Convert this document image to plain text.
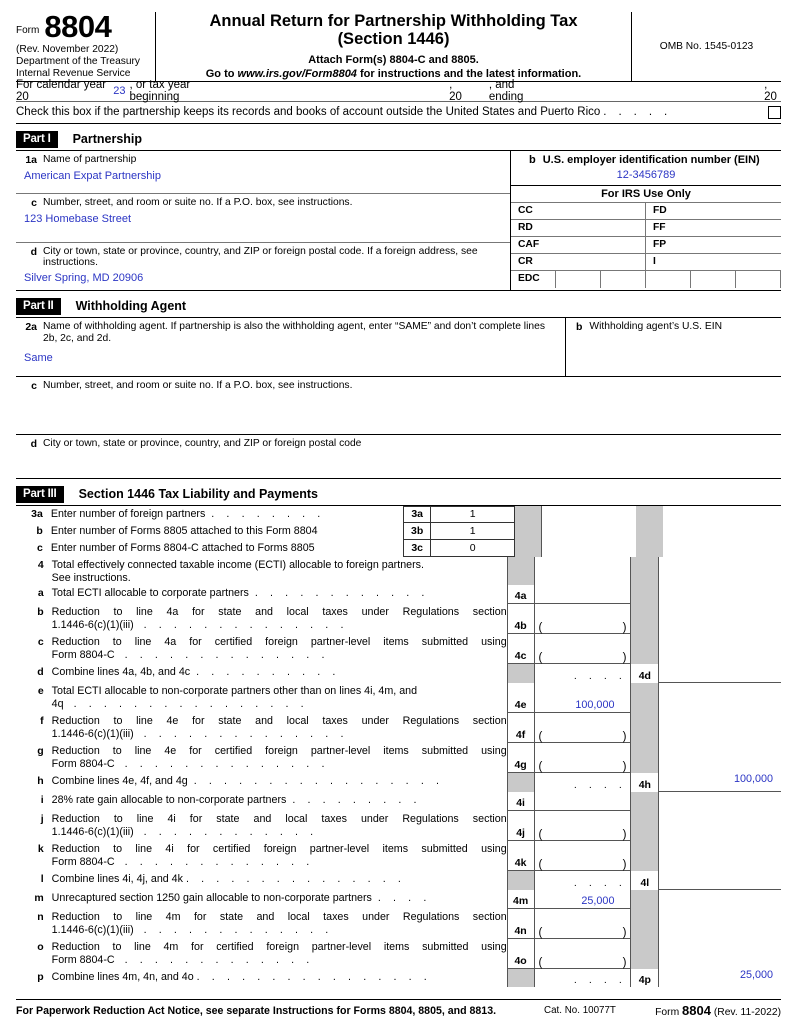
Form 8804
(Rev. November 2022)
Department of the Treasury
Internal Revenue Service
Annual Return for Partnership Withholding Tax
(Section 1446)
Attach Form(s) 8804-C and 8805.
Go to www.irs.gov/Form8804 for instructions and the latest information.
OMB No. 1545-0123
For calendar year 20	23 , or tax year beginning
, 20
, and ending
, 20
Check this box if the partnership keeps its records and books of account outside the United States and Puerto Rico . . . . .
Part I	Partnership
1a Name of partnership
American Expat Partnership
c Number, street, and room or suite no. If a P.O. box, see instructions.
123 Homebase Street
d City or town, state or province, country, and ZIP or foreign postal code. If a foreign address, see instructions.
Silver Spring, MD 20906
b U.S. employer identification number (EIN)
12-3456789
For IRS Use Only
CC	FD
RD	FF
CAF	FP
CR	I
EDC
Part II	Withholding Agent
2a Name of withholding agent. If partnership is also the withholding agent, enter “SAME” and don’t complete lines 2b, 2c, and 2d.
Same
b Withholding agent’s U.S. EIN
c Number, street, and room or suite no. If a P.O. box, see instructions.
d City or town, state or province, country, and ZIP or foreign postal code
Part III	Section 1446 Tax Liability and Payments
3a Enter number of foreign partners . . . . . . . .	3a	1
b Enter number of Forms 8805 attached to this Form 8804	3b	1
c Enter number of Forms 8804-C attached to Forms 8805	3c	0
4 Total effectively connected taxable income (ECTI) allocable to foreign partners.
See instructions.
a Total ECTI allocable to corporate partners . . . . . . . . . . . .	4a
b Reduction to line 4a for state and local taxes under Regulations section
1.1446-6(c)(1)(iii) . . . . . . . . . . . . . .	4b	(	)
c Reduction to line 4a for certified foreign partner-level items submitted using
Form 8804-C . . . . . . . . . . . . . .	4c	(	)
d Combine lines 4a, 4b, and 4c . . . . . . . . . .	. . . .	4d
e Total ECTI allocable to non-corporate partners other than on lines 4i, 4m, and
4q . . . . . . . . . . . . . . . .	4e	100,000
f Reduction to line 4e for state and local taxes under Regulations section
1.1446-6(c)(1)(iii) . . . . . . . . . . . . . .	4f	(	)
g Reduction to line 4e for certified foreign partner-level items submitted using
Form 8804-C . . . . . . . . . . . . . .	4g	(	)
h Combine lines 4e, 4f, and 4g . . . . . . . . . . . . . . . . .	. . . .	4h	100,000
i 28% rate gain allocable to non-corporate partners . . . . . . . . .	4i
j Reduction to line 4i for state and local taxes under Regulations section
1.1446-6(c)(1)(iii) . . . . . . . . . . . .	4j	(	)
k Reduction to line 4i for certified foreign partner-level items submitted using
Form 8804-C . . . . . . . . . . . . .	4k	(	)
l Combine lines 4i, 4j, and 4k . . . . . . . . . . . . . . .	. . . .	4l
m Unrecaptured section 1250 gain allocable to non-corporate partners . . . .	4m	25,000
n Reduction to line 4m for state and local taxes under Regulations section
1.1446-6(c)(1)(iii) . . . . . . . . . . . . .	4n	(	)
o Reduction to line 4m for certified foreign partner-level items submitted using
Form 8804-C . . . . . . . . . . . . .	4o	(	)
p Combine lines 4m, 4n, and 4o . . . . . . . . . . . . . . . .	. . . .	4p	25,000
For Paperwork Reduction Act Notice, see separate Instructions for Forms 8804, 8805, and 8813.	Cat. No. 10077T	Form 8804 (Rev. 11-2022)
